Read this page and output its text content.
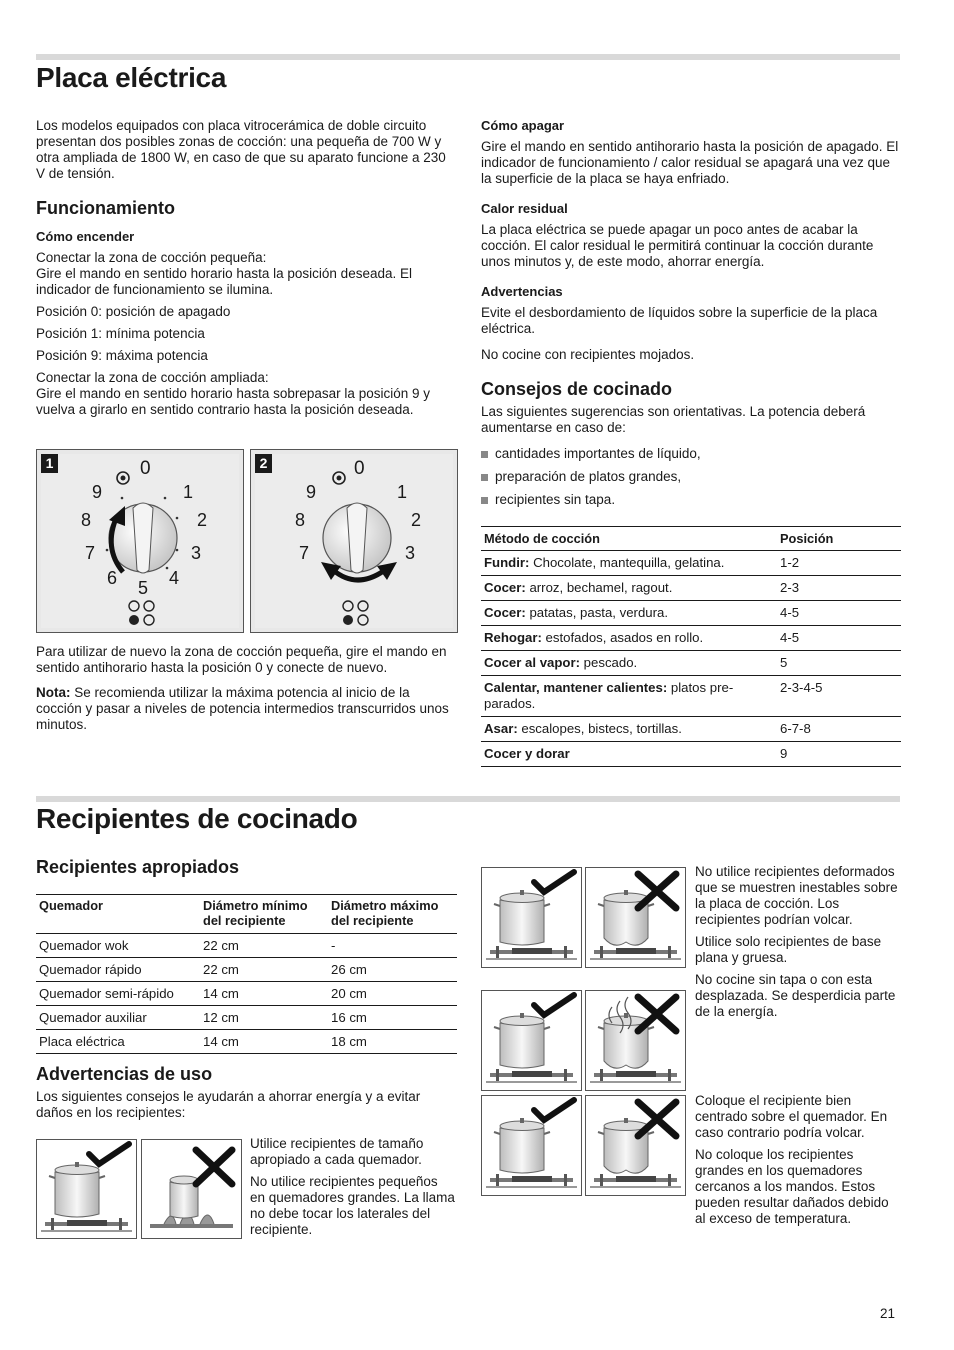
Placa eléctrica

Los modelos equipados con placa vitrocerámica de doble circuito presentan dos posibles zonas de cocción: una pequeña de 700 W y otra ampliada de 1800 W, en caso de que su aparato funcione a 230 V de tensión.

Funcionamiento
Cómo encender

Conectar la zona de cocción pequeña:

Gire el mando en sentido horario hasta la posición deseada. El indicador de funcionamiento se ilumina.

Posición 0: posición de apagado

Posición 1: mínima potencia

Posición 9: máxima potencia

Conectar la zona de cocción ampliada:

Gire el mando en sentido horario hasta sobrepasar la posición 9 y vuelva a girarlo en sentido contrario hasta la posición deseada.

1	0
1
2
3
4
5
6
7
8
9
2	0
1
2
3
7
8
9

Para utilizar de nuevo la zona de cocción pequeña, gire el mando en sentido antihorario hasta la posición 0 y conecte de nuevo.

Nota: Se recomienda utilizar la máxima potencia al inicio de la cocción y pasar a niveles de potencia intermedios transcurridos unos minutos.

Cómo apagar

Gire el mando en sentido antihorario hasta la posición de apagado. El indicador de funcionamiento / calor residual se apagará una vez que la superficie de la placa se haya enfriado.

Calor residual

La placa eléctrica se puede apagar un poco antes de acabar la cocción. El calor residual le permitirá continuar la cocción durante unos minutos y, de este modo, ahorrar energía.

Advertencias

Evite el desbordamiento de líquidos sobre la superficie de la placa eléctrica.

No cocine con recipientes mojados.

Consejos de cocinado

Las siguientes sugerencias son orientativas. La potencia deberá aumentarse en caso de:

cantidades importantes de líquido,
preparación de platos grandes,
recipientes sin tapa.
Método de cocción	Posición
Fundir: Chocolate, mantequilla, gelatina.	1-2
Cocer: arroz, bechamel, ragout.	2-3
Cocer: patatas, pasta, verdura.	4-5
Rehogar: estofados, asados en rollo.	4-5
Cocer al vapor: pescado.	5
Calentar, mantener calientes: platos pre-parados.	2-3-4-5
Asar: escalopes, bistecs, tortillas.	6-7-8
Cocer y dorar	9
Recipientes de cocinado
Recipientes apropiados
Quemador	Diámetro mínimo del recipiente	Diámetro máximo del recipiente
Quemador wok	22 cm	-
Quemador rápido	22 cm	26 cm
Quemador semi-rápido	14 cm	20 cm
Quemador auxiliar	12 cm	16 cm
Placa eléctrica	14 cm	18 cm
Advertencias de uso

Los siguientes consejos le ayudarán a ahorrar energía y a evitar daños en los recipientes:

Utilice recipientes de tamaño apropiado a cada quemador.

No utilice recipientes pequeños en quemadores grandes. La llama no debe tocar los laterales del recipiente.

No utilice recipientes deformados que se muestren inestables sobre la placa de cocción. Los recipientes podrían volcar.

Utilice solo recipientes de base plana y gruesa.

No cocine sin tapa o con esta desplazada. Se desperdicia parte de la energía.

Coloque el recipiente bien centrado sobre el quemador. En caso contrario podría volcar.

No coloque los recipientes grandes en los quemadores cercanos a los mandos. Estos pueden resultar dañados debido al exceso de temperatura.

21
